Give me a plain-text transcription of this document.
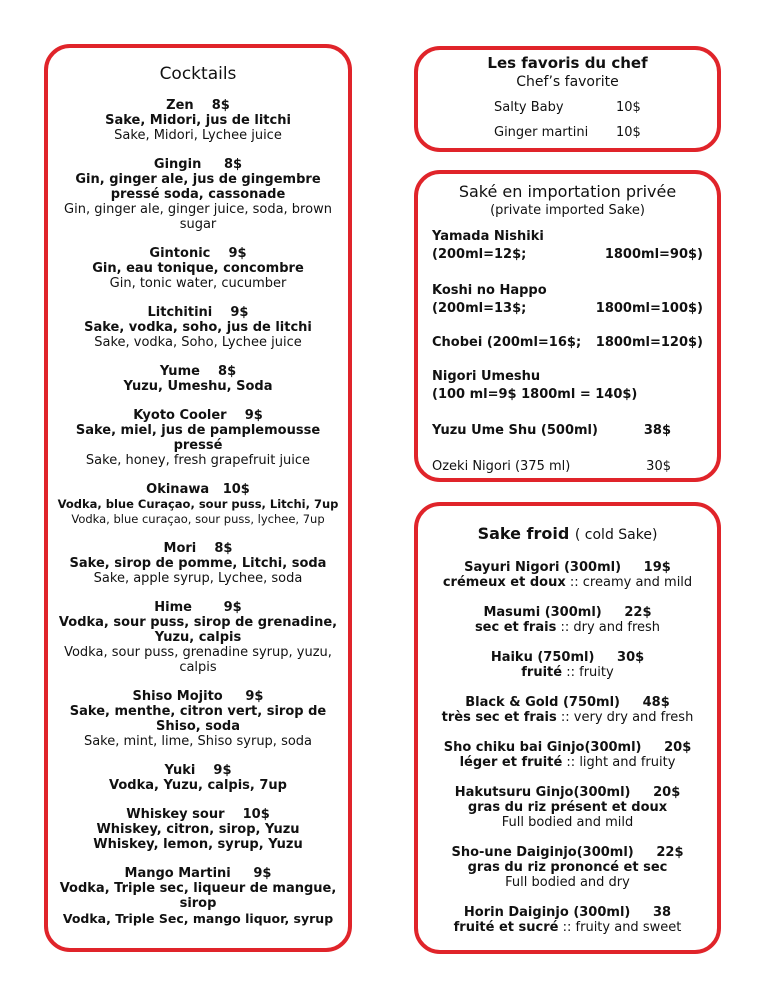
Cocktails
Zen 8$
Sake, Midori, jus de litchi
Sake, Midori, Lychee juice
Gingin 8$
Gin, ginger ale, jus de gingembre pressé soda, cassonade
Gin, ginger ale, ginger juice, soda, brown sugar
Gintonic 9$
Gin, eau tonique, concombre
Gin, tonic water, cucumber
Litchitini 9$
Sake, vodka, soho, jus de litchi
Sake, vodka, Soho, Lychee juice
Yume 8$
Yuzu, Umeshu, Soda
Kyoto Cooler 9$
Sake, miel, jus de pamplemousse pressé
Sake, honey, fresh grapefruit juice
Okinawa 10$
Vodka, blue Curaçao, sour puss, Litchi, 7up
Vodka, blue curaçao, sour puss, lychee, 7up
Mori 8$
Sake, sirop de pomme, Litchi, soda
Sake, apple syrup, Lychee, soda
Hime 9$
Vodka, sour puss, sirop de grenadine, Yuzu, calpis
Vodka, sour puss, grenadine syrup, yuzu, calpis
Shiso Mojito 9$
Sake, menthe, citron vert, sirop de Shiso, soda
Sake, mint, lime, Shiso syrup, soda
Yuki 9$
Vodka, Yuzu, calpis, 7up
Whiskey sour 10$
Whiskey, citron, sirop, Yuzu
Whiskey, lemon, syrup, Yuzu
Mango Martini 9$
Vodka, Triple sec, liqueur de mangue, sirop
Vodka, Triple Sec, mango liquor, syrup
Les favoris du chef
Chef’s favorite
Salty Baby	10$
Ginger martini 10$
Saké en importation privée
(private imported Sake)
Yamada Nishiki
(200ml=12$;	1800ml=90$)
Koshi no Happo
(200ml=13$;	1800ml=100$)
Chobei (200ml=16$; 1800ml=120$)
Nigori Umeshu
(100 ml=9$ 1800ml = 140$)
Yuzu Ume Shu (500ml)	38$
Ozeki Nigori (375 ml)	30$
Sake froid ( cold Sake)
Sayuri Nigori (300ml) 19$
crémeux et doux :: creamy and mild
Masumi (300ml) 22$
sec et frais :: dry and fresh
Haiku (750ml) 30$
fruité :: fruity
Black & Gold (750ml) 48$
très sec et frais :: very dry and fresh
Sho chiku bai Ginjo(300ml) 20$
léger et fruité :: light and fruity
Hakutsuru Ginjo(300ml) 20$
gras du riz présent et doux
Full bodied and mild
Sho-une Daiginjo(300ml) 22$
gras du riz prononcé et sec
Full bodied and dry
Horin Daiginjo (300ml) 38
fruité et sucré :: fruity and sweet
